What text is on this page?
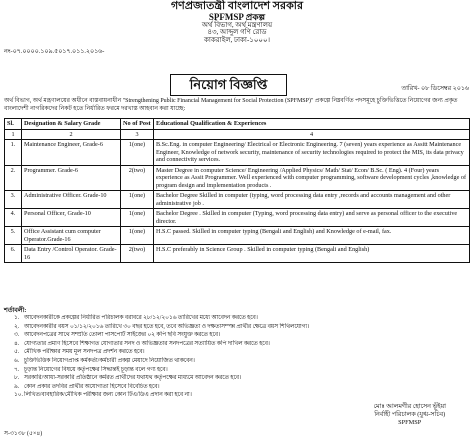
গণপ্রজাতন্ত্রী বাংলাদেশ সরকার
SPFMSP প্রকল্প
অর্থ বিভাগ, অর্থ মন্ত্রণালয়
৪৩, আব্দুল গণি রোড
কাকরাইল, ঢাকা-১০০০।
নং-০৭.০০০০.১০৯.৫০১৭.০১১.২০১৬-
নিয়োগ বিজ্ঞপ্তি	তারিখ- ০৮ ডিসেম্বর ২০১৬
অর্থ বিভাগ, অর্থ মন্ত্রণালয়ের অধীনে বাস্তবায়নাধীন "Strengthening Public Financial Management for Social Protection (SPFMSP)" প্রকল্পে নিম্নবর্ণিত পদসমূহে চুক্তিভিত্তিতে নিয়োগের জন্য প্রকৃত বাংলাদেশী নাগরিকদের নিকট হতে নির্ধারিত ফরমে দরখাস্ত আহবান করা যাচ্ছে:
Sl.	Designation & Salary Grade	No of Post	Educational Qualification & Experiences
1	2	3	4
1.	Maintenance Engineer, Grade-6	1(one)	B.Sc.Eng. in computer Engineering/ Electrical or Electronic Engineering. 7 (seven) years experience as Assitt Maintenance Engineer, Knowledge of network security, maintenance of security technologies required to protect the MIS, its data privacy and connectivity services.
2.	Programmer. Grade-6	2(two)	Master Degree in computer Science/ Engineering /Applied Physics/ Math/ Stat/ Econ/ B.Sc. ( Eng). 4 (Four) years experience as Assit Programmer. Well experienced with computer programming, software development cycles ,knowledge of program design and implementation products .
3.	Administrative Officer. Grade-10	1(one)	Bachelor Degree Skilled in computer (typing, word processing data entry ,records and accounts management and other administrative job .
4.	Personal Officer, Grade-10	1(one)	Bachelor Degree . Skilled in computer (Typing, word processing data entry) and serve as personal officer to the executive director.
5.	Office Assistant cum computer Operator.Grade-16	1(one)	H.S.C passed. Skilled in computer typing (Bengali and English) and Knowledge of e-mail, fax.
6.	Data Entry /Control Operator. Grade- 16	2(two)	H.S.C preferably in Science Group . Skilled in computer typing (Bengali and English)
শর্তাবলী:
১. আবেদনকারীকে প্রকল্পের নির্ধারিত পরিচালক বরাবরে ২৮/১২/২০১৬ তারিখের মধ্যে আবেদন করতে হবে।
২. আবেদনকারীর বয়স ০১/১২/২০১৬ তারিখে ৩০ বছর হতে হবে, তবে অভিজ্ঞতা ও দক্ষতাসম্পন্ন প্রার্থীর ক্ষেত্রে বয়স শিথিলযোগ্য।
৩. আবেদনপত্রের সাথে সম্প্রতি তোলা পাসপোর্ট সাইজের ০২ কপি ছবি সংযুক্ত করতে হবে।
৪. যোগ্যতার প্রমাণ হিসেবে শিক্ষাগত যোগ্যতার সনদ ও অভিজ্ঞতার সনদপত্রের সত্যায়িত কপি দাখিল করতে হবে।
৫. মৌখিক পরীক্ষার সময় মূল সনদপত্র প্রদর্শন করতে হবে।
৬. চুক্তিভিত্তিক নিয়োগপ্রাপ্ত কর্মকর্তা/কর্মচারী প্রকল্প মেয়াদে নিয়োজিত থাকবেন।
৭. চূড়ান্ত নিয়োগের বিষয়ে কর্তৃপক্ষের সিদ্ধান্তই চূড়ান্ত বলে গণ্য হবে।
৮. সরকারি/আধা-সরকারি প্রতিষ্ঠানে কর্মরত প্রার্থীদের যথাযথ কর্তৃপক্ষের মাধ্যমে আবেদন করতে হবে।
৯. কোন প্রকার তদবির প্রার্থীর অযোগ্যতা হিসেবে বিবেচিত হবে।
১০.লিখিত/ব্যবহারিক/মৌখিক পরীক্ষার জন্য কোন টিএ/ডিএ প্রদান করা হবে না।
মোঃ আলমগীর হোসেন ভূঁইয়া
নির্বাহী পরিচালক (যুগ্ম-সচিব)
SPFMSP
স-৩১৩৮ (৫×৪)
